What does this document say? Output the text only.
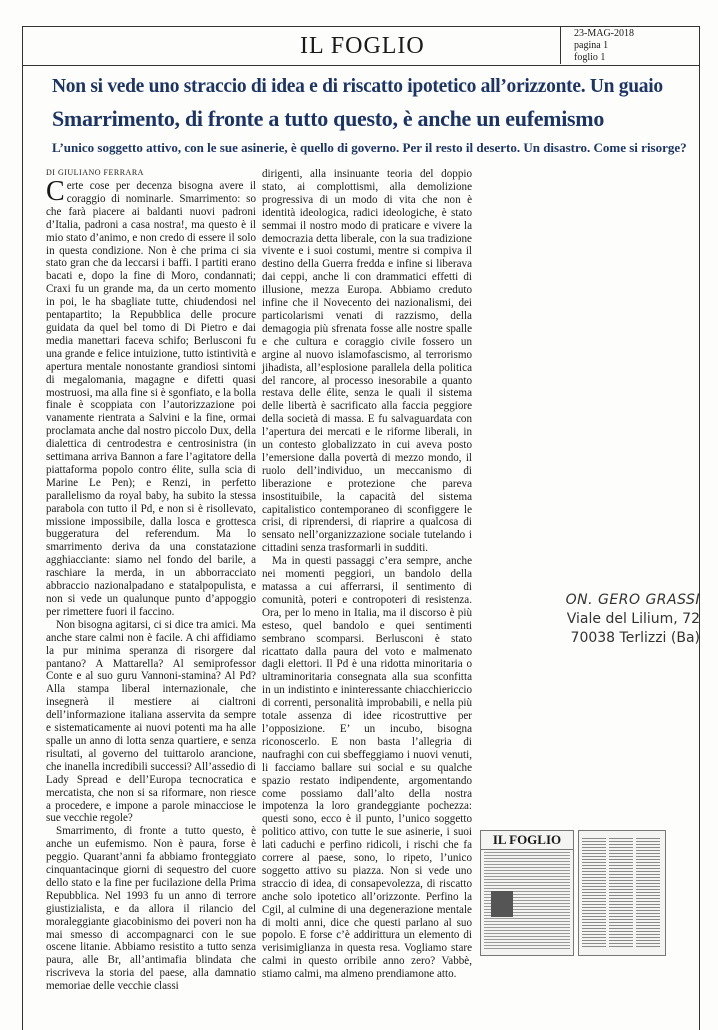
IL FOGLIO	23-MAG-2018
pagina 1
foglio 1
Non si vede uno straccio di idea e di riscatto ipotetico all’orizzonte. Un guaio
Smarrimento, di fronte a tutto questo, è anche un eufemismo
L’unico soggetto attivo, con le sue asinerie, è quello di governo. Per il resto il deserto. Un disastro. Come si risorge?
DI GIULIANO FERRARA

Certe cose per decenza bisogna avere il coraggio di nominarle. Smarrimento: so che farà piacere ai baldanti nuovi padroni d’Italia, padroni a casa nostra!, ma questo è il mio stato d’animo, e non credo di essere il solo in questa condizione. Non è che prima ci sia stato gran che da leccarsi i baffi. I partiti erano bacati e, dopo la fine di Moro, condannati; Craxi fu un grande ma, da un certo momento in poi, le ha sbagliate tutte, chiudendosi nel pentapartito; la Repubblica delle procure guidata da quel bel tomo di Di Pietro e dai media manettari faceva schifo; Berlusconi fu una grande e felice intuizione, tutto istintività e apertura mentale nonostante grandiosi sintomi di megalomania, magagne e difetti quasi mostruosi, ma alla fine si è sgonfiato, e la bolla finale è scoppiata con l’autorizzazione poi vanamente rientrata a Salvini e la fine, ormai proclamata anche dal nostro piccolo Dux, della dialettica di centrodestra e centrosinistra (in settimana arriva Bannon a fare l’agitatore della piattaforma popolo contro élite, sulla scia di Marine Le Pen); e Renzi, in perfetto parallelismo da royal baby, ha subito la stessa parabola con tutto il Pd, e non si è risollevato, missione impossibile, dalla losca e grottesca buggeratura del referendum. Ma lo smarrimento deriva da una constatazione agghiacciante: siamo nel fondo del barile, a raschiare la merda, in un abborracciato abbraccio nazionalpadano e statalpopulista, e non si vede un qualunque punto d’appoggio per rimettere fuori il faccino.

Non bisogna agitarsi, ci si dice tra amici. Ma anche stare calmi non è facile. A chi affidiamo la pur minima speranza di risorgere dal pantano? A Mattarella? Al semiprofessor Conte e al suo guru Vannoni-stamina? Al Pd? Alla stampa liberal internazionale, che insegnerà il mestiere ai cialtroni dell’informazione italiana asservita da sempre e sistematicamente ai nuovi potenti ma ha alle spalle un anno di lotta senza quartiere, e senza risultati, al governo del tuittarolo arancione, che inanella incredibili successi? All’assedio di Lady Spread e dell’Europa tecnocratica e mercatista, che non si sa riformare, non riesce a procedere, e impone a parole minacciose le sue vecchie regole?

Smarrimento, di fronte a tutto questo, è anche un eufemismo. Non è paura, forse è peggio. Quarant’anni fa abbiamo fronteggiato cinquantacinque giorni di sequestro del cuore dello stato e la fine per fucilazione della Prima Repubblica. Nel 1993 fu un anno di terrore giustizialista, e da allora il rilancio del moraleggiante giacobinismo dei poveri non ha mai smesso di accompagnarci con le sue oscene litanie. Abbiamo resistito a tutto senza paura, alle Br, all’antimafia blindata che riscriveva la storia del paese, alla damnatio memoriae delle vecchie classi

dirigenti, alla insinuante teoria del doppio stato, ai complottismi, alla demolizione progressiva di un modo di vita che non è identità ideologica, radici ideologiche, è stato semmai il nostro modo di praticare e vivere la democrazia detta liberale, con la sua tradizione vivente e i suoi costumi, mentre si compiva il destino della Guerra fredda e infine si liberava dai ceppi, anche li con drammatici effetti di illusione, mezza Europa. Abbiamo creduto infine che il Novecento dei nazionalismi, dei particolarismi venati di razzismo, della demagogia più sfrenata fosse alle nostre spalle e che cultura e coraggio civile fossero un argine al nuovo islamofascismo, al terrorismo jihadista, all’esplosione parallela della politica del rancore, al processo inesorabile a quanto restava delle élite, senza le quali il sistema delle libertà è sacrificato alla faccia peggiore della società di massa. E fu salvaguardata con l’apertura dei mercati e le riforme liberali, in un contesto globalizzato in cui aveva posto l’emersione dalla povertà di mezzo mondo, il ruolo dell’individuo, un meccanismo di liberazione e protezione che pareva insostituibile, la capacità del sistema capitalistico contemporaneo di sconfiggere le crisi, di riprendersi, di riaprire a qualcosa di sensato nell’organizzazione sociale tutelando i cittadini senza trasformarli in sudditi.

Ma in questi passaggi c’era sempre, anche nei momenti peggiori, un bandolo della matassa a cui afferrarsi, il sentimento di comunità, poteri e contropoteri di resistenza. Ora, per lo meno in Italia, ma il discorso è più esteso, quel bandolo e quei sentimenti sembrano scomparsi. Berlusconi è stato ricattato dalla paura del voto e malmenato dagli elettori. Il Pd è una ridotta minoritaria o ultraminoritaria consegnata alla sua sconfitta in un indistinto e ininteressante chiacchiericcio di correnti, personalità improbabili, e nella più totale assenza di idee ricostruttive per l’opposizione. E’ un incubo, bisogna riconoscerlo. E non basta l’allegria di naufraghi con cui sbeffeggiamo i nuovi venuti, li facciamo ballare sui social e su qualche spazio restato indipendente, argomentando come possiamo dall’alto della nostra impotenza la loro grandeggiante pochezza: questi sono, ecco è il punto, l’unico soggetto politico attivo, con tutte le sue asinerie, i suoi lati caduchi e perfino ridicoli, i rischi che fa correre al paese, sono, lo ripeto, l’unico soggetto attivo su piazza. Non si vede uno straccio di idea, di consapevolezza, di riscatto anche solo ipotetico all’orizzonte. Perfino la Cgil, al culmine di una degenerazione mentale di molti anni, dice che questi parlano al suo popolo. E forse c’è addirittura un elemento di verisimiglianza in questa resa. Vogliamo stare calmi in questo orribile anno zero? Vabbè, stiamo calmi, ma almeno prendiamone atto.

ON. GERO GRASSI
Viale del Lilium, 72
70038 Terlizzi (Ba)
IL FOGLIO
